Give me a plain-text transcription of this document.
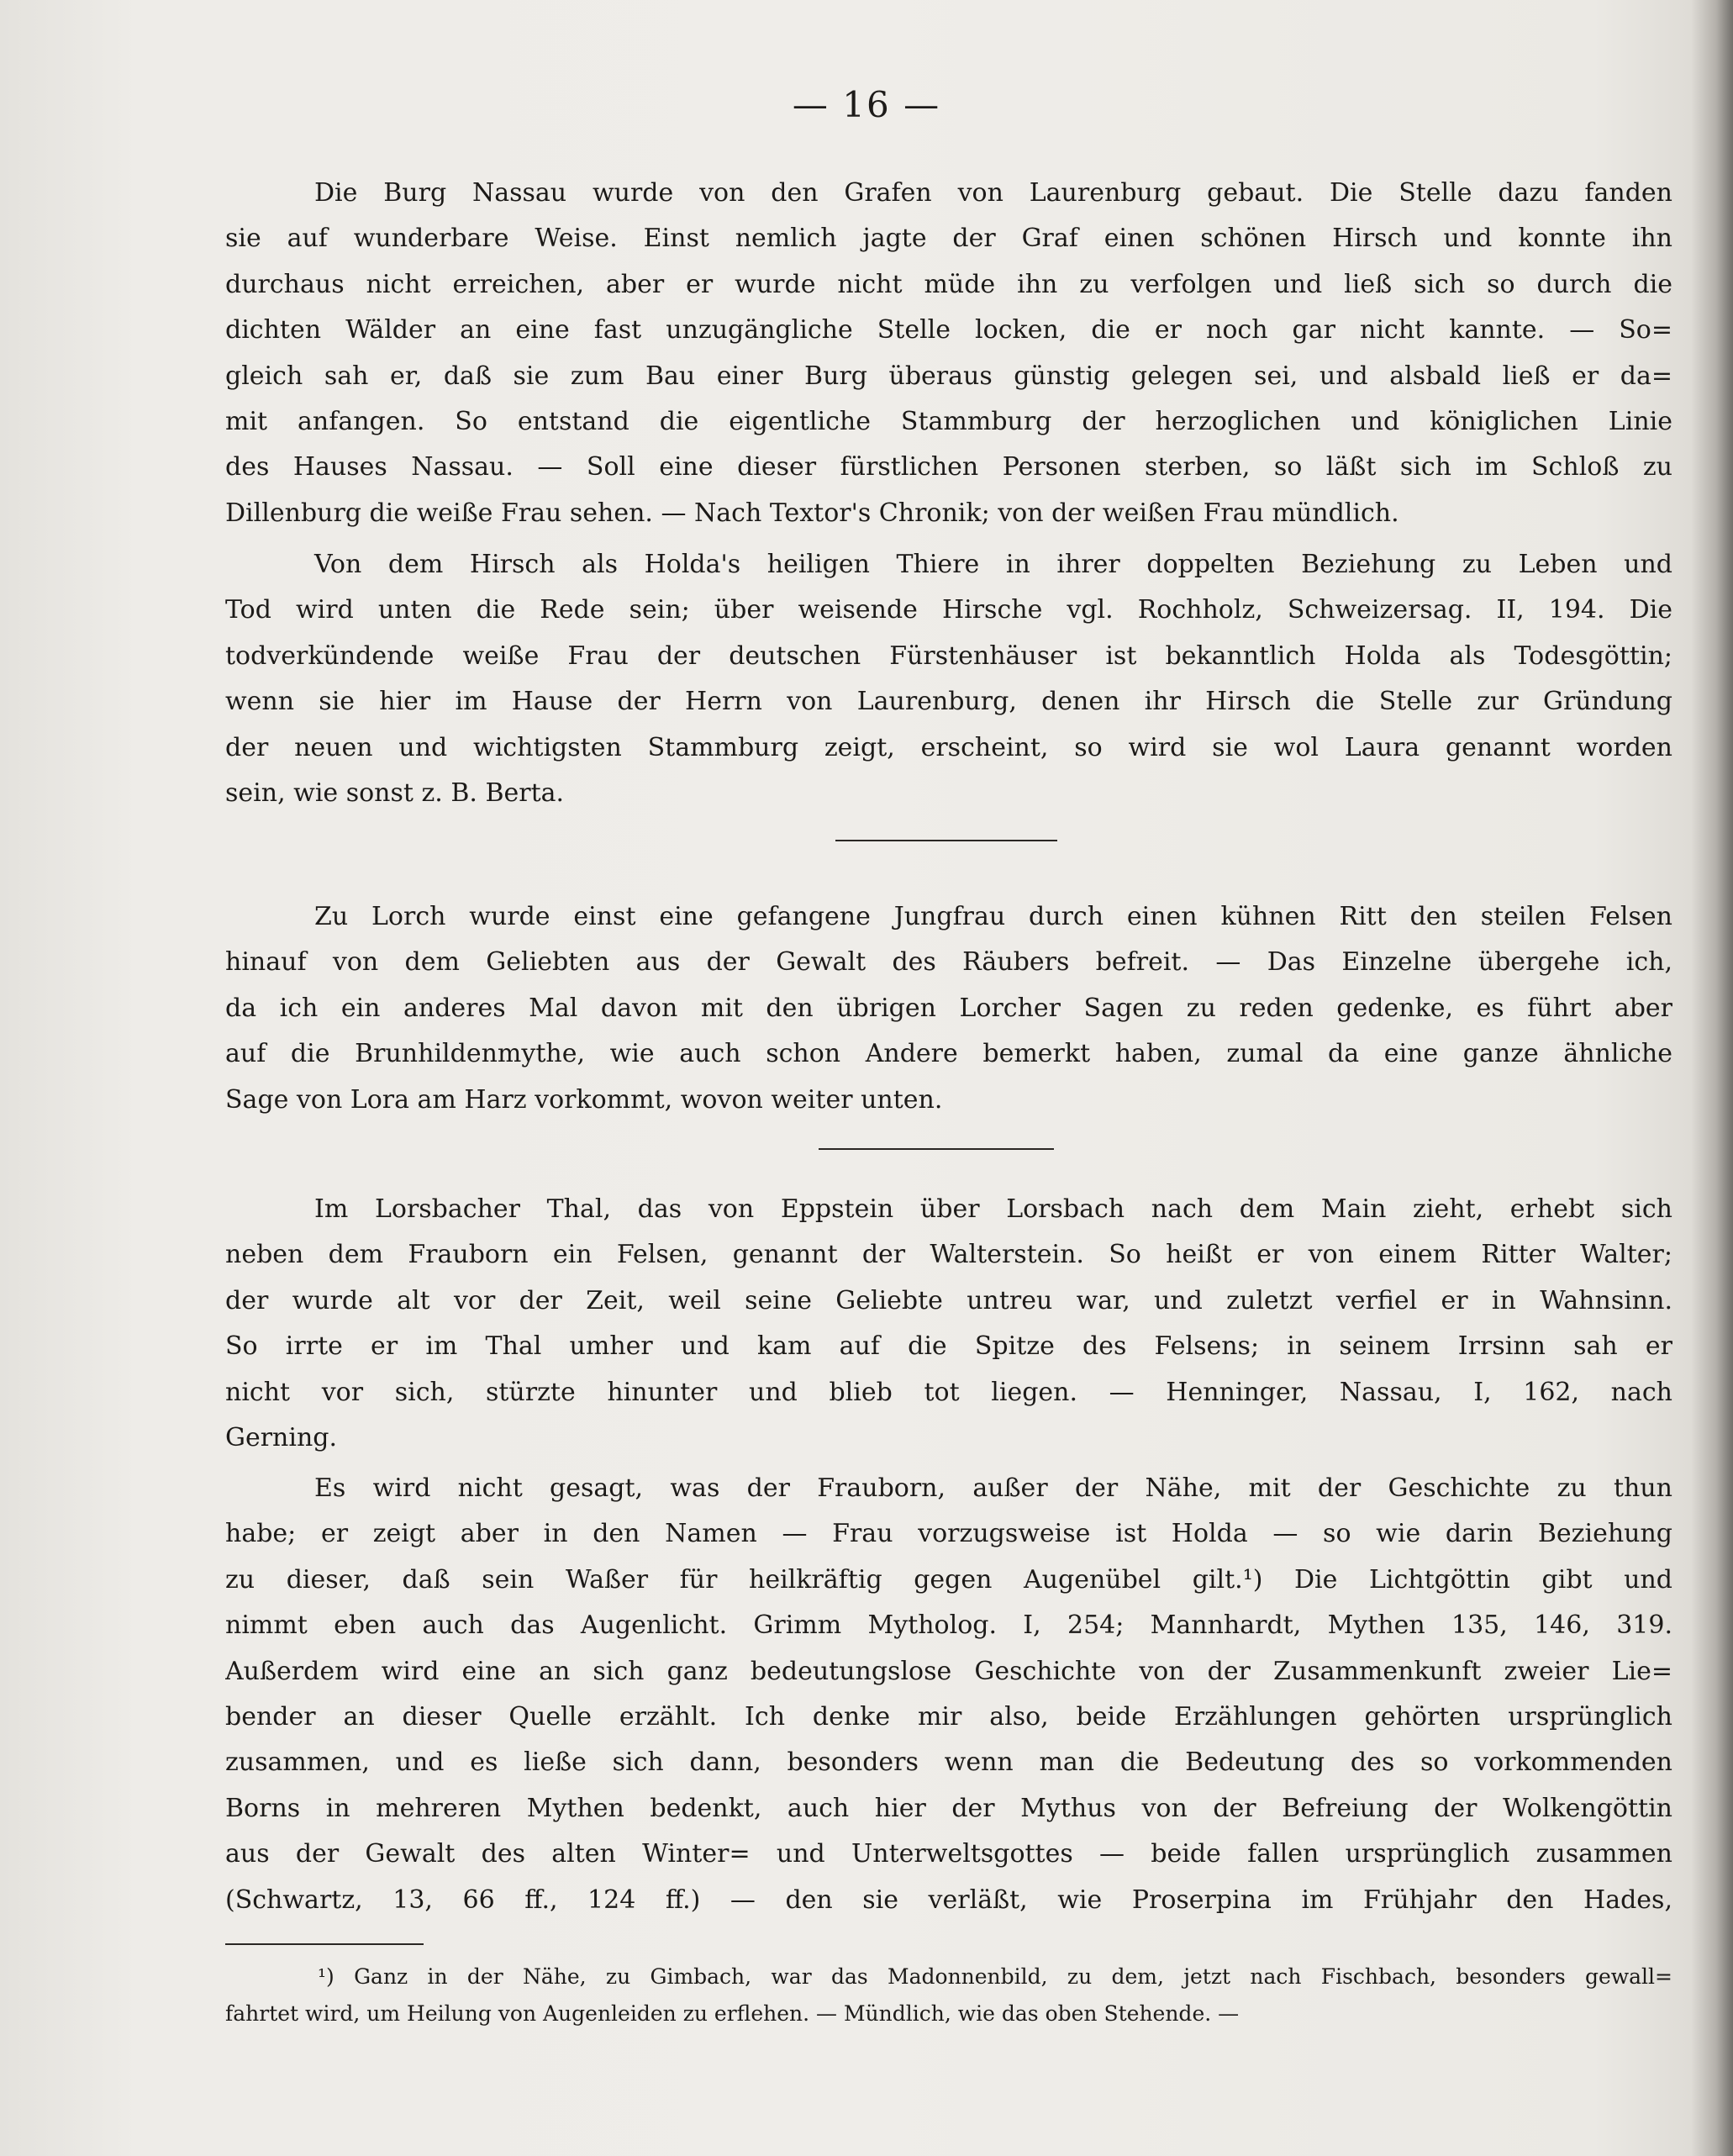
— 16 —
Die Burg Nassau wurde von den Grafen von Laurenburg gebaut. Die Stelle dazu fanden
sie auf wunderbare Weise. Einst nemlich jagte der Graf einen schönen Hirsch und konnte ihn
durchaus nicht erreichen, aber er wurde nicht müde ihn zu verfolgen und ließ sich so durch die
dichten Wälder an eine fast unzugängliche Stelle locken, die er noch gar nicht kannte. — So=
gleich sah er, daß sie zum Bau einer Burg überaus günstig gelegen sei, und alsbald ließ er da=
mit anfangen. So entstand die eigentliche Stammburg der herzoglichen und königlichen Linie
des Hauses Nassau. — Soll eine dieser fürstlichen Personen sterben, so läßt sich im Schloß zu
Dillenburg die weiße Frau sehen. — Nach Textor's Chronik; von der weißen Frau mündlich.
Von dem Hirsch als Holda's heiligen Thiere in ihrer doppelten Beziehung zu Leben und
Tod wird unten die Rede sein; über weisende Hirsche vgl. Rochholz, Schweizersag. II, 194. Die
todverkündende weiße Frau der deutschen Fürstenhäuser ist bekanntlich Holda als Todesgöttin;
wenn sie hier im Hause der Herrn von Laurenburg, denen ihr Hirsch die Stelle zur Gründung
der neuen und wichtigsten Stammburg zeigt, erscheint, so wird sie wol Laura genannt worden
sein, wie sonst z. B. Berta.
Zu Lorch wurde einst eine gefangene Jungfrau durch einen kühnen Ritt den steilen Felsen
hinauf von dem Geliebten aus der Gewalt des Räubers befreit. — Das Einzelne übergehe ich,
da ich ein anderes Mal davon mit den übrigen Lorcher Sagen zu reden gedenke, es führt aber
auf die Brunhildenmythe, wie auch schon Andere bemerkt haben, zumal da eine ganze ähnliche
Sage von Lora am Harz vorkommt, wovon weiter unten.
Im Lorsbacher Thal, das von Eppstein über Lorsbach nach dem Main zieht, erhebt sich
neben dem Frauborn ein Felsen, genannt der Walterstein. So heißt er von einem Ritter Walter;
der wurde alt vor der Zeit, weil seine Geliebte untreu war, und zuletzt verfiel er in Wahnsinn.
So irrte er im Thal umher und kam auf die Spitze des Felsens; in seinem Irrsinn sah er
nicht vor sich, stürzte hinunter und blieb tot liegen. — Henninger, Nassau, I, 162, nach
Gerning.
Es wird nicht gesagt, was der Frauborn, außer der Nähe, mit der Geschichte zu thun
habe; er zeigt aber in den Namen — Frau vorzugsweise ist Holda — so wie darin Beziehung
zu dieser, daß sein Waßer für heilkräftig gegen Augenübel gilt.¹) Die Lichtgöttin gibt und
nimmt eben auch das Augenlicht. Grimm Mytholog. I, 254; Mannhardt, Mythen 135, 146, 319.
Außerdem wird eine an sich ganz bedeutungslose Geschichte von der Zusammenkunft zweier Lie=
bender an dieser Quelle erzählt. Ich denke mir also, beide Erzählungen gehörten ursprünglich
zusammen, und es ließe sich dann, besonders wenn man die Bedeutung des so vorkommenden
Borns in mehreren Mythen bedenkt, auch hier der Mythus von der Befreiung der Wolkengöttin
aus der Gewalt des alten Winter= und Unterweltsgottes — beide fallen ursprünglich zusammen
(Schwartz, 13, 66 ff., 124 ff.) — den sie verläßt, wie Proserpina im Frühjahr den Hades,
¹) Ganz in der Nähe, zu Gimbach, war das Madonnenbild, zu dem, jetzt nach Fischbach, besonders gewall=
fahrtet wird, um Heilung von Augenleiden zu erflehen. — Mündlich, wie das oben Stehende. —
